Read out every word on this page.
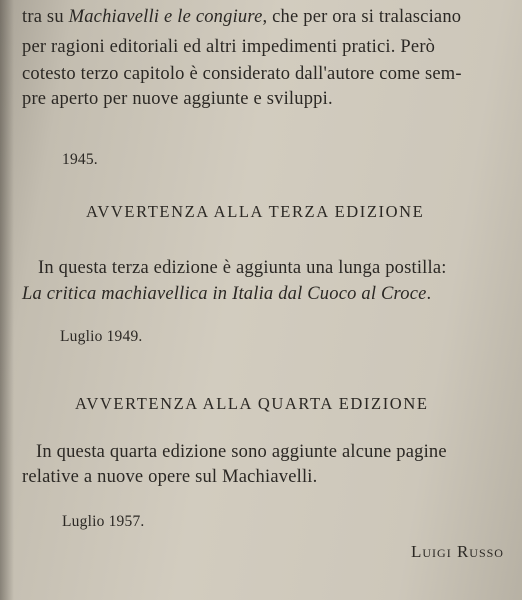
tra su Machiavelli e le congiure, che per ora si tralasciano
per ragioni editoriali ed altri impedimenti pratici. Però
cotesto terzo capitolo è considerato dall'autore come sem-
pre aperto per nuove aggiunte e sviluppi.
1945.
AVVERTENZA ALLA TERZA EDIZIONE
In questa terza edizione è aggiunta una lunga postilla:
La critica machiavellica in Italia dal Cuoco al Croce.
Luglio 1949.
AVVERTENZA ALLA QUARTA EDIZIONE
In questa quarta edizione sono aggiunte alcune pagine
relative a nuove opere sul Machiavelli.
Luglio 1957.
Luigi Russo
